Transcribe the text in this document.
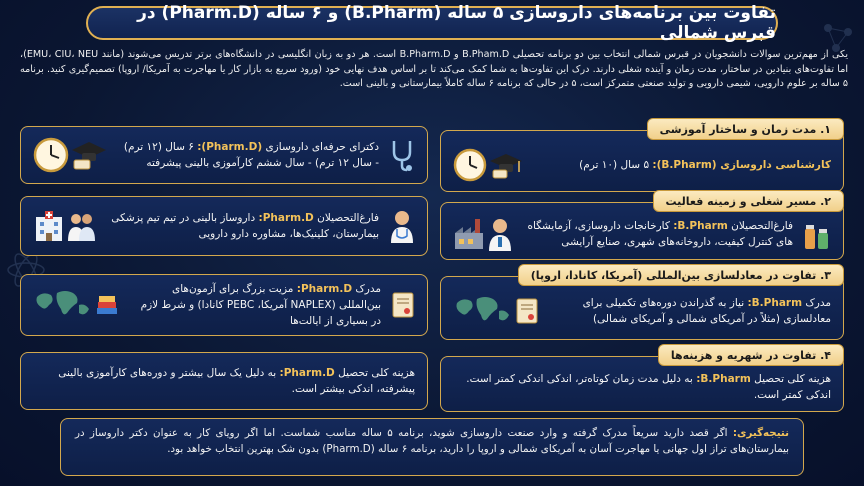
تفاوت بین برنامه‌های داروسازی ۵ ساله (B.Pharm) و ۶ ساله (Pharm.D) در قبرس شمالی

یکی از مهم‌ترین سوالات دانشجویان در قبرس شمالی انتخاب بین دو برنامه تحصیلی B.Pham.D و B.Pharm.D است. هر دو به زبان انگلیسی در دانشگاه‌های برتر تدریس می‌شوند (مانند EMU، CIU، NEU)، اما تفاوت‌های بنیادین در ساختار، مدت زمان و آینده شغلی دارند. درک این تفاوت‌ها به شما کمک می‌کند تا بر اساس هدف نهایی خود (ورود سریع به بازار کار یا مهاجرت به آمریکا/ اروپا) تصمیم‌گیری کنید. برنامه ۵ ساله بر علوم دارویی، شیمی دارویی و تولید صنعتی متمرکز است، ۵ در حالی که برنامه ۶ ساله کاملاً بیمارستانی و بالینی است.

۱. مدت زمان و ساختار آموزشی
کارشناسی داروسازی (B.Pharm): ۵ سال (۱۰ ترم)
دکترای حرفه‌ای داروسازی (Pharm.D): ۶ سال (۱۲ ترم) - سال ۱۲ ترم) - سال ششم کارآموزی بالینی پیشرفته
۲. مسیر شغلی و زمینه فعالیت
فارغ‌التحصیلان B.Pharm: کارخانجات داروسازی، آزمایشگاه های کنترل کیفیت، داروخانه‌های شهری، صنایع آرایشی
فارغ‌التحصیلان Pharm.D: داروساز بالینی در تیم تیم پزشکی بیمارستان، کلینیک‌ها، مشاوره دارو دارویی
۳. تفاوت در معادلسازی بین‌المللی (آمریکا، کانادا، اروپا)
مدرک B.Pharm: نیاز به گذراندن دوره‌های تکمیلی برای معادلسازی (مثلاً در آمریکای شمالی و آمریکای شمالی)
مدرک Pharm.D: مزیت بزرگ برای آزمون‌های بین‌المللی (NAPLEX آمریکا، PEBC کانادا) و شرط لازم در بسیاری از ایالت‌ها
۴. تفاوت در شهریه و هزینه‌ها
هزینه کلی تحصیل B.Pharm: به دلیل مدت زمان کوتاه‌تر، اندکی اندکی کمتر است. اندکی کمتر است.
هزینه کلی تحصیل Pharm.D: به دلیل یک سال بیشتر و دوره‌های کارآموزی بالینی پیشرفته، اندکی بیشتر است.
نتیجه‌گیری: اگر قصد دارید سریعاً مدرک گرفته و وارد صنعت داروسازی شوید، برنامه ۵ ساله مناسب شماست. اما اگر رویای کار به عنوان دکتر داروساز در بیمارستان‌های تراز اول جهانی یا مهاجرت آسان به آمریکای شمالی و اروپا را دارید، برنامه ۶ ساله (Pharm.D) بدون شک بهترین انتخاب خواهد بود.
